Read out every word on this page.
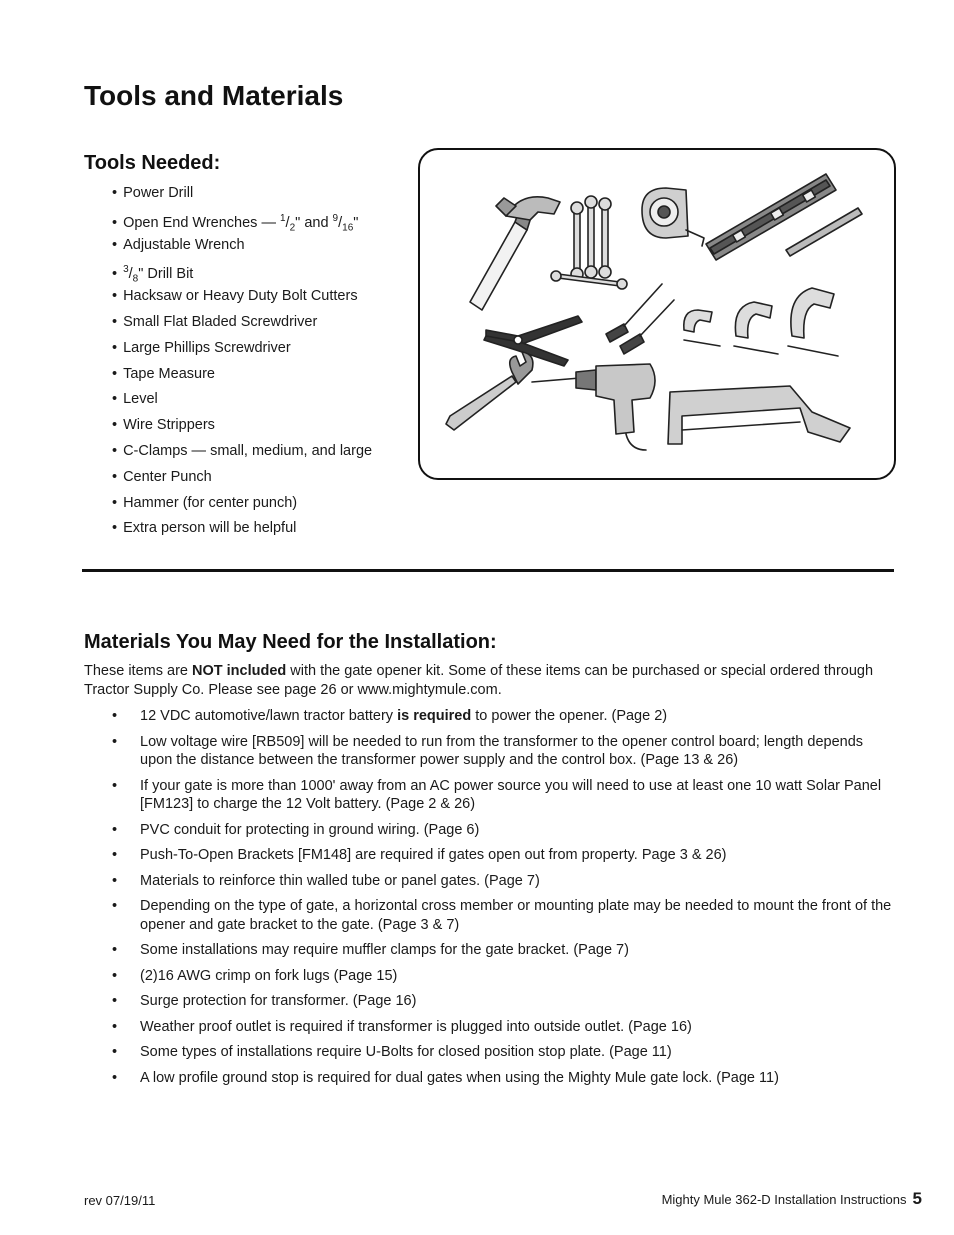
Tools and Materials
Tools Needed:
• Power Drill
• Open End Wrenches — $^1/_2$" and $^9/_{16}$"
• Adjustable Wrench
• $^3/_8$" Drill Bit
• Hacksaw or Heavy Duty Bolt Cutters
• Small Flat Bladed Screwdriver
• Large Phillips Screwdriver
• Tape Measure
• Level
• Wire Strippers
• C-Clamps — small, medium, and large
• Center Punch
• Hammer (for center punch)
• Extra person will be helpful
Materials You May Need for the Installation:

These items are NOT included with the gate opener kit. Some of these items can be purchased or special ordered through Tractor Supply Co. Please see page 26 or www.mightymule.com.

• 12 VDC automotive/lawn tractor battery is required to power the opener. (Page 2)
• Low voltage wire [RB509] will be needed to run from the transformer to the opener control board; length depends upon the distance between the transformer power supply and the control box. (Page 13 & 26)
• If your gate is more than 1000' away from an AC power source you will need to use at least one 10 watt Solar Panel [FM123] to charge the 12 Volt battery. (Page 2 & 26)
• PVC conduit for protecting in ground wiring. (Page 6)
• Push-To-Open Brackets [FM148] are required if gates open out from property. Page 3 & 26)
• Materials to reinforce thin walled tube or panel gates. (Page 7)
• Depending on the type of gate, a horizontal cross member or mounting plate may be needed to mount the front of the opener and gate bracket to the gate. (Page 3 & 7)
• Some installations may require muffler clamps for the gate bracket. (Page 7)
• (2)16 AWG crimp on fork lugs (Page 15)
• Surge protection for transformer. (Page 16)
• Weather proof outlet is required if transformer is plugged into outside outlet. (Page 16)
• Some types of installations require U-Bolts for closed position stop plate. (Page 11)
• A low profile ground stop is required for dual gates when using the Mighty Mule gate lock. (Page 11)
rev 07/19/11	Mighty Mule 362-D Installation Instructions 5
